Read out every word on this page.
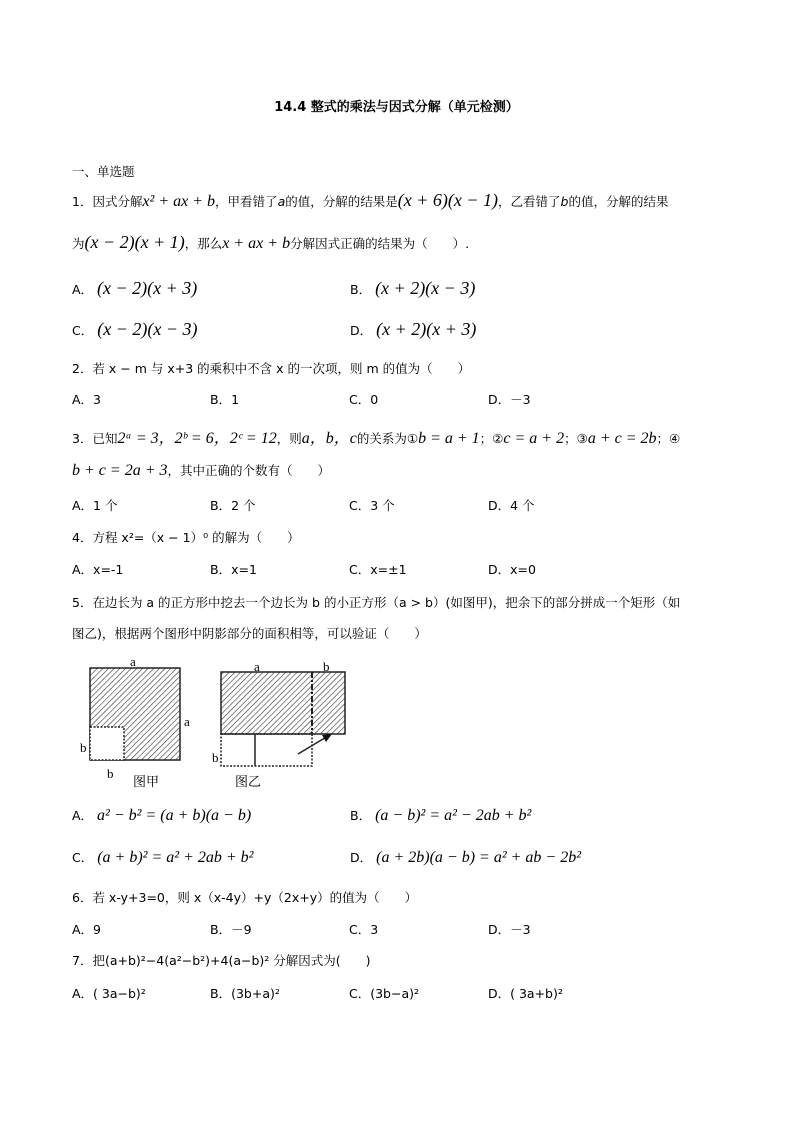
14.4 整式的乘法与因式分解（单元检测）
一、单选题
1．因式分解x² + ax + b，甲看错了a的值，分解的结果是(x + 6)(x − 1)，乙看错了b的值，分解的结果
为(x − 2)(x + 1)，那么x + ax + b分解因式正确的结果为（　　）.
A． (x − 2)(x + 3)	B． (x + 2)(x − 3)
C． (x − 2)(x − 3)	D． (x + 2)(x + 3)
2．若 x − m 与 x+3 的乘积中不含 x 的一次项，则 m 的值为（　　）
A．3	B．1	C．0	D．－3
3．已知2ᵃ = 3，2ᵇ = 6，2ᶜ = 12，则a，b，c的关系为①b = a + 1；②c = a + 2；③a + c = 2b；④
b + c = 2a + 3，其中正确的个数有（　　）
A．1 个	B．2 个	C．3 个	D．4 个
4．方程 x²=（x − 1）⁰ 的解为（　　）
A．x=-1	B．x=1	C．x=±1	D．x=0
5．在边长为 a 的正方形中挖去一个边长为 b 的小正方形（a > b）(如图甲)，把余下的部分拼成一个矩形（如
图乙)，根据两个图形中阴影部分的面积相等，可以验证（　　）
a
a
b
b
图甲
a	b
b
图乙
A． a² − b² = (a + b)(a − b)	B． (a − b)² = a² − 2ab + b²
C． (a + b)² = a² + 2ab + b²	D． (a + 2b)(a − b) = a² + ab − 2b²
6．若 x-y+3=0，则 x（x-4y）+y（2x+y）的值为（　　）
A．9	B．－9	C．3	D．－3
7．把(a+b)²−4(a²−b²)+4(a−b)² 分解因式为(　　)
A．( 3a−b)²	B．(3b+a)²	C．(3b−a)²	D．( 3a+b)²
